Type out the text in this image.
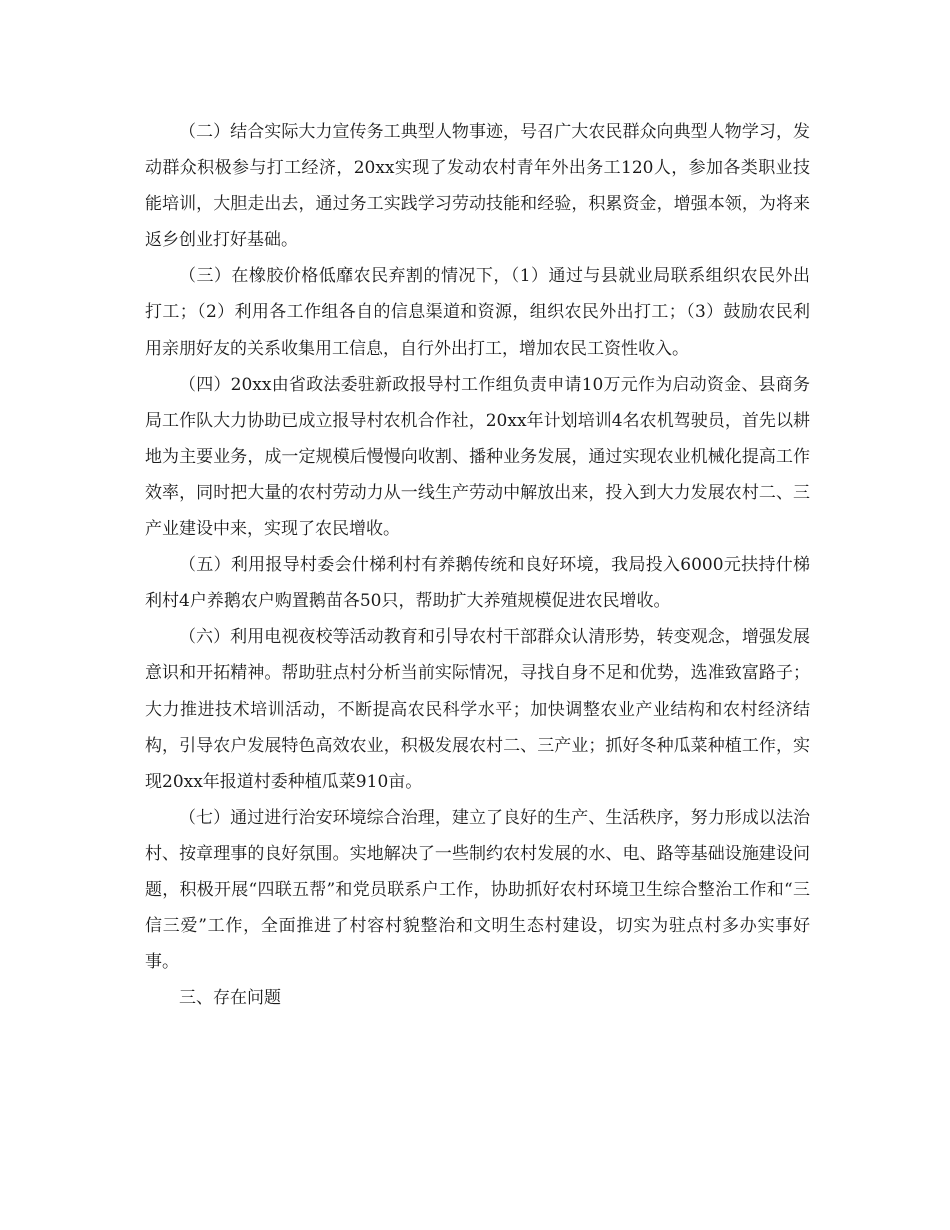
（二）结合实际大力宣传务工典型人物事迹，号召广大农民群众向典型人物学习，发动群众积极参与打工经济，20xx实现了发动农村青年外出务工120人，参加各类职业技能培训，大胆走出去，通过务工实践学习劳动技能和经验，积累资金，增强本领，为将来返乡创业打好基础。

（三）在橡胶价格低靡农民弃割的情况下，（1）通过与县就业局联系组织农民外出打工；（2）利用各工作组各自的信息渠道和资源，组织农民外出打工；（3）鼓励农民利用亲朋好友的关系收集用工信息，自行外出打工，增加农民工资性收入。

（四）20xx由省政法委驻新政报导村工作组负责申请10万元作为启动资金、县商务局工作队大力协助已成立报导村农机合作社，20xx年计划培训4名农机驾驶员，首先以耕地为主要业务，成一定规模后慢慢向收割、播种业务发展，通过实现农业机械化提高工作效率，同时把大量的农村劳动力从一线生产劳动中解放出来，投入到大力发展农村二、三产业建设中来，实现了农民增收。

（五）利用报导村委会什梯利村有养鹅传统和良好环境，我局投入6000元扶持什梯利村4户养鹅农户购置鹅苗各50只，帮助扩大养殖规模促进农民增收。

（六）利用电视夜校等活动教育和引导农村干部群众认清形势，转变观念，增强发展意识和开拓精神。帮助驻点村分析当前实际情况，寻找自身不足和优势，选准致富路子；大力推进技术培训活动，不断提高农民科学水平；加快调整农业产业结构和农村经济结构，引导农户发展特色高效农业，积极发展农村二、三产业；抓好冬种瓜菜种植工作，实现20xx年报道村委种植瓜菜910亩。

（七）通过进行治安环境综合治理，建立了良好的生产、生活秩序，努力形成以法治村、按章理事的良好氛围。实地解决了一些制约农村发展的水、电、路等基础设施建设问题，积极开展“四联五帮”和党员联系户工作，协助抓好农村环境卫生综合整治工作和“三信三爱”工作，全面推进了村容村貌整治和文明生态村建设，切实为驻点村多办实事好事。

三、存在问题
